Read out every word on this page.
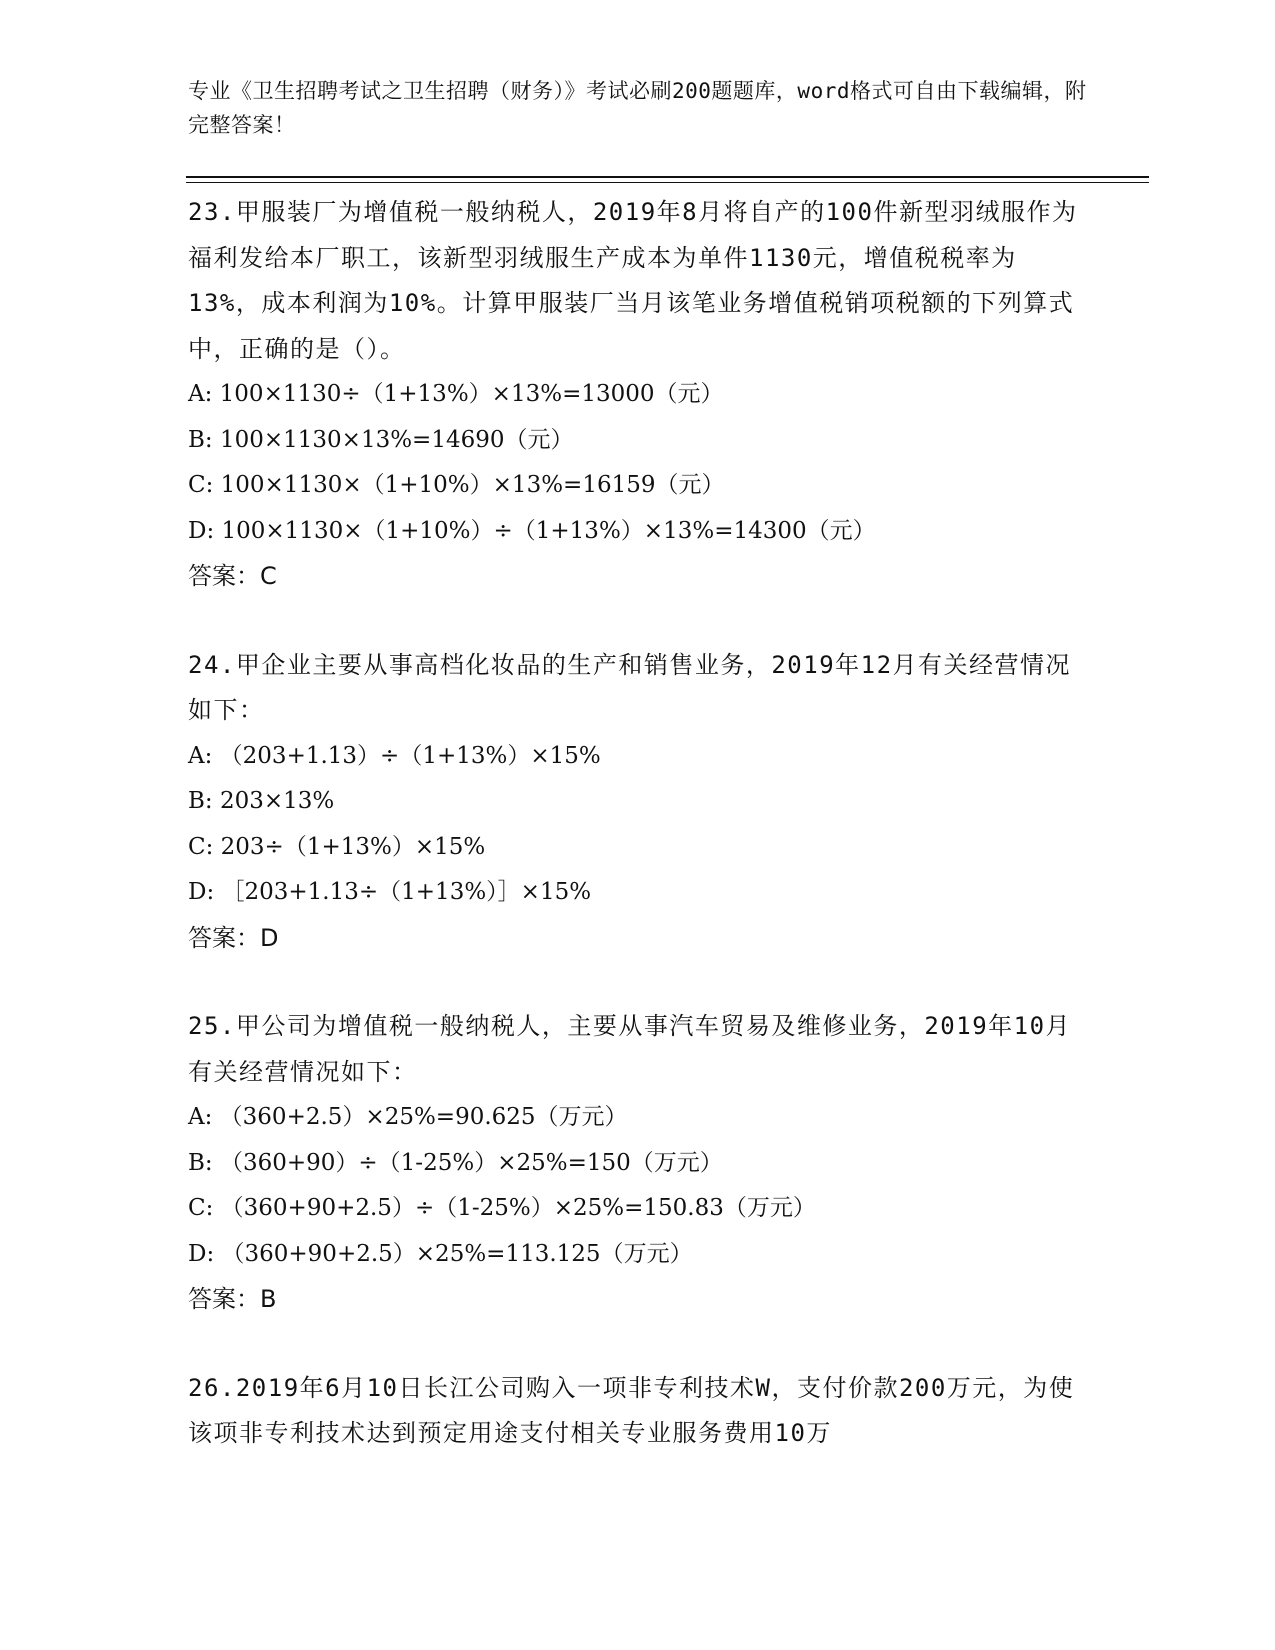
专业《卫生招聘考试之卫生招聘（财务）》考试必刷200题题库，word格式可自由下载编辑，附完整答案！

23.甲服装厂为增值税一般纳税人，2019年8月将自产的100件新型羽绒服作为福利发给本厂职工，该新型羽绒服生产成本为单件1130元，增值税税率为13%，成本利润为10%。计算甲服装厂当月该笔业务增值税销项税额的下列算式中，正确的是（）。

A: 100×1130÷（1+13%）×13%=13000（元）

B: 100×1130×13%=14690（元）

C: 100×1130×（1+10%）×13%=16159（元）

D: 100×1130×（1+10%）÷（1+13%）×13%=14300（元）

答案：C

24.甲企业主要从事高档化妆品的生产和销售业务，2019年12月有关经营情况如下：

A: （203+1.13）÷（1+13%）×15%

B: 203×13%

C: 203÷（1+13%）×15%

D: ［203+1.13÷（1+13%）］×15%

答案：D

25.甲公司为增值税一般纳税人，主要从事汽车贸易及维修业务，2019年10月有关经营情况如下：

A: （360+2.5）×25%=90.625（万元）

B: （360+90）÷（1-25%）×25%=150（万元）

C: （360+90+2.5）÷（1-25%）×25%=150.83（万元）

D: （360+90+2.5）×25%=113.125（万元）

答案：B

26.2019年6月10日长江公司购入一项非专利技术W，支付价款200万元，为使该项非专利技术达到预定用途支付相关专业服务费用10万
